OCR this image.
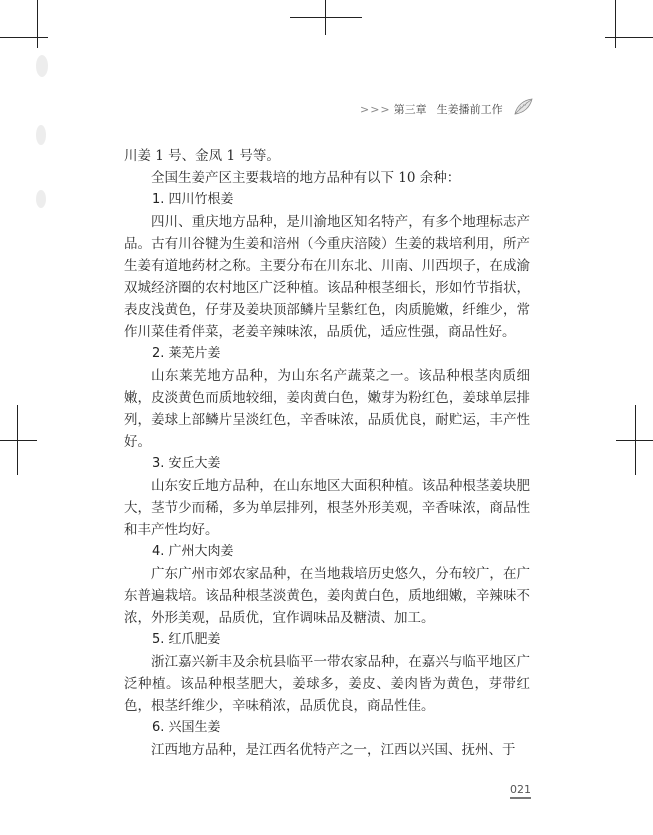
>>> 第三章 生姜播前工作

川姜 1 号、金凤 1 号等。

全国生姜产区主要栽培的地方品种有以下 10 余种：

1. 四川竹根姜

四川、重庆地方品种，是川渝地区知名特产，有多个地理标志产品。古有川谷犍为生姜和涪州（今重庆涪陵）生姜的栽培利用，所产生姜有道地药材之称。主要分布在川东北、川南、川西坝子，在成渝双城经济圈的农村地区广泛种植。该品种根茎细长，形如竹节指状，表皮浅黄色，仔芽及姜块顶部鳞片呈紫红色，肉质脆嫩，纤维少，常作川菜佳肴伴菜，老姜辛辣味浓，品质优，适应性强，商品性好。

2. 莱芜片姜

山东莱芜地方品种，为山东名产蔬菜之一。该品种根茎肉质细嫩，皮淡黄色而质地较细，姜肉黄白色，嫩芽为粉红色，姜球单层排列，姜球上部鳞片呈淡红色，辛香味浓，品质优良，耐贮运，丰产性好。

3. 安丘大姜

山东安丘地方品种，在山东地区大面积种植。该品种根茎姜块肥大，茎节少而稀，多为单层排列，根茎外形美观，辛香味浓，商品性和丰产性均好。

4. 广州大肉姜

广东广州市郊农家品种，在当地栽培历史悠久，分布较广，在广东普遍栽培。该品种根茎淡黄色，姜肉黄白色，质地细嫩，辛辣味不浓，外形美观，品质优，宜作调味品及糖渍、加工。

5. 红爪肥姜

浙江嘉兴新丰及余杭县临平一带农家品种，在嘉兴与临平地区广泛种植。该品种根茎肥大，姜球多，姜皮、姜肉皆为黄色，芽带红色，根茎纤维少，辛味稍浓，品质优良，商品性佳。

6. 兴国生姜

江西地方品种，是江西名优特产之一，江西以兴国、抚州、于

021
